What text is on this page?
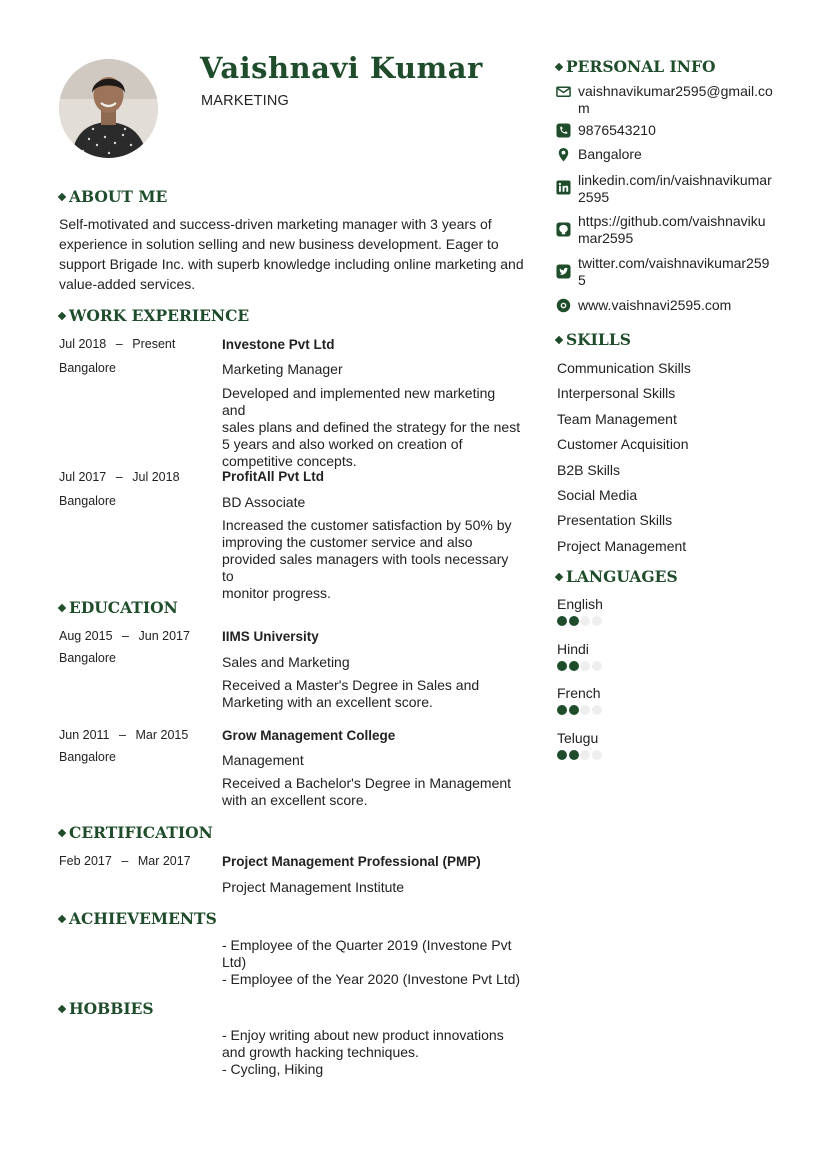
Vaishnavi Kumar
MARKETING
ABOUT ME
Self-motivated and success-driven marketing manager with 3 years of
experience in solution selling and new business development. Eager to
support Brigade Inc. with superb knowledge including online marketing and
value-added services.
WORK EXPERIENCE
Jul 2018 – Present
Bangalore
Investone Pvt Ltd
Marketing Manager
Developed and implemented new marketing and
sales plans and defined the strategy for the nest
5 years and also worked on creation of
competitive concepts.
Jul 2017 – Jul 2018
Bangalore
ProfitAll Pvt Ltd
BD Associate
Increased the customer satisfaction by 50% by
improving the customer service and also
provided sales managers with tools necessary to
monitor progress.
EDUCATION
Aug 2015 – Jun 2017
Bangalore
IIMS University
Sales and Marketing
Received a Master's Degree in Sales and
Marketing with an excellent score.
Jun 2011 – Mar 2015
Bangalore
Grow Management College
Management
Received a Bachelor's Degree in Management
with an excellent score.
CERTIFICATION
Feb 2017 – Mar 2017 Project Management Professional (PMP)
Project Management Institute
ACHIEVEMENTS
- Employee of the Quarter 2019 (Investone Pvt
Ltd)
- Employee of the Year 2020 (Investone Pvt Ltd)
HOBBIES
- Enjoy writing about new product innovations
and growth hacking techniques.
- Cycling, Hiking
PERSONAL INFO
vaishnavikumar2595@gmail.co
m
9876543210
Bangalore
linkedin.com/in/vaishnavikumar
2595
https://github.com/vaishnaviku
mar2595
twitter.com/vaishnavikumar259
5
www.vaishnavi2595.com
SKILLS
Communication Skills
Interpersonal Skills
Team Management
Customer Acquisition
B2B Skills
Social Media
Presentation Skills
Project Management
LANGUAGES
English
Hindi
French
Telugu
